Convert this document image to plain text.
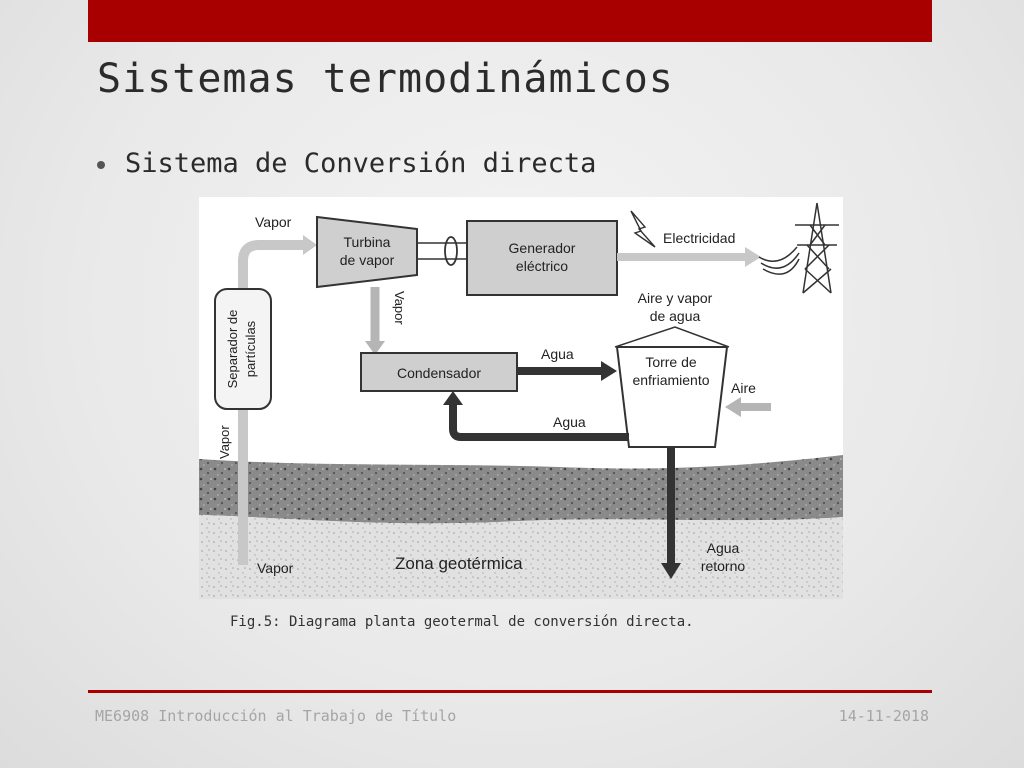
Sistemas termodinámicos
Sistema de Conversión directa
Separador de partículas
Vapor
Vapor
Vapor
Turbina
de vapor
Generador
eléctrico
Electricidad
Vapor
Condensador
Agua
Aire y vapor
de agua
Torre de
enfriamiento Aire
Agua
Agua
retorno
Zona geotérmica
Fig.5: Diagrama planta geotermal de conversión directa.
ME6908 Introducción al Trabajo de Título	14-11-2018
